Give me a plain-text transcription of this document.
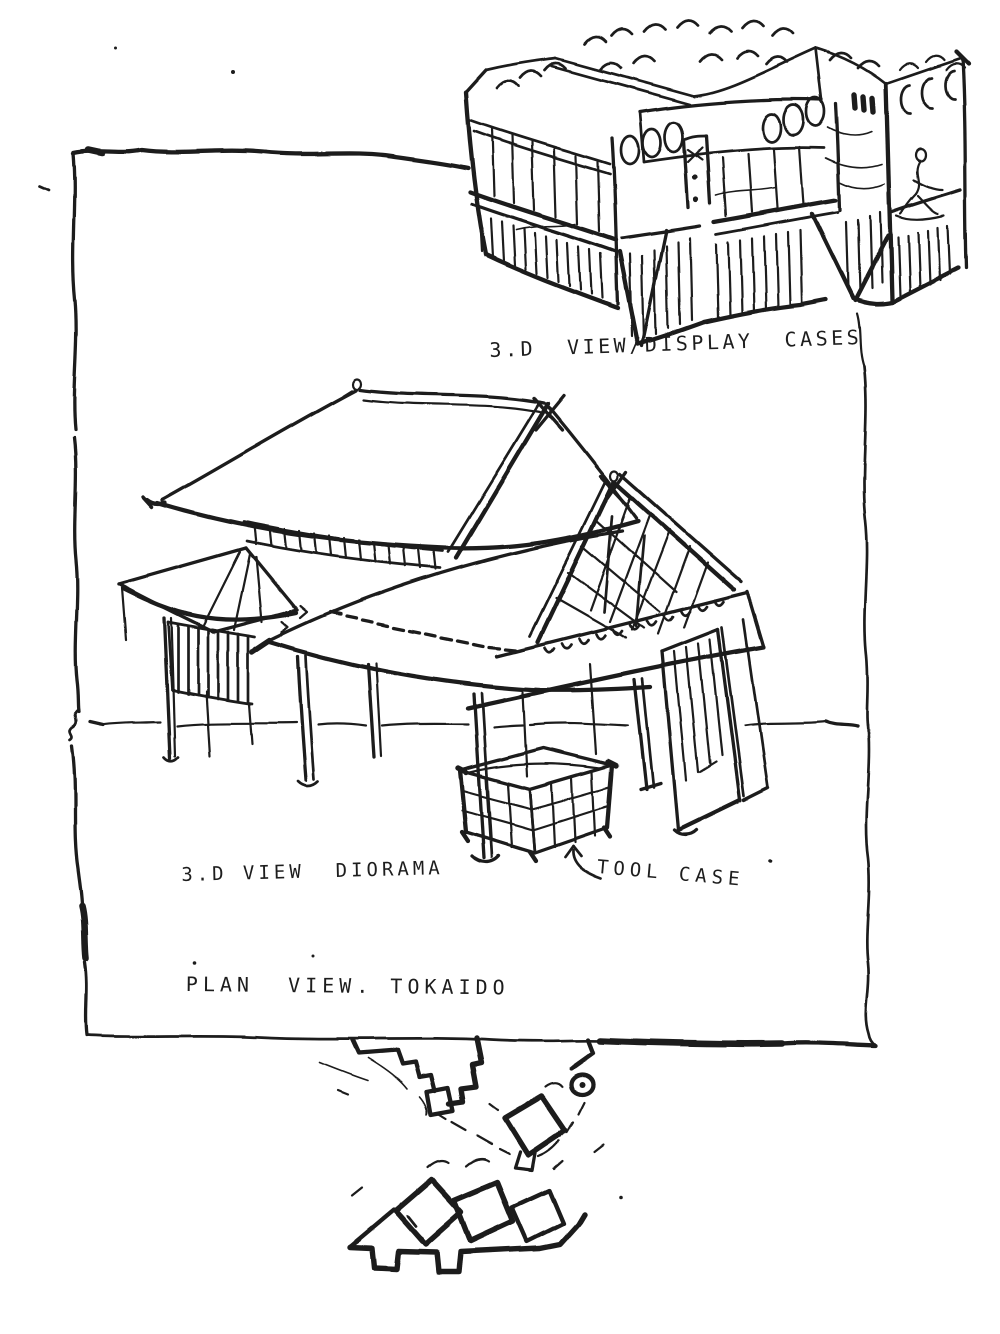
3.D  VIEW/DISPLAY  CASES
3.D VIEW  DIORAMA	TOOL CASE
PLAN  VIEW. TOKAIDO
